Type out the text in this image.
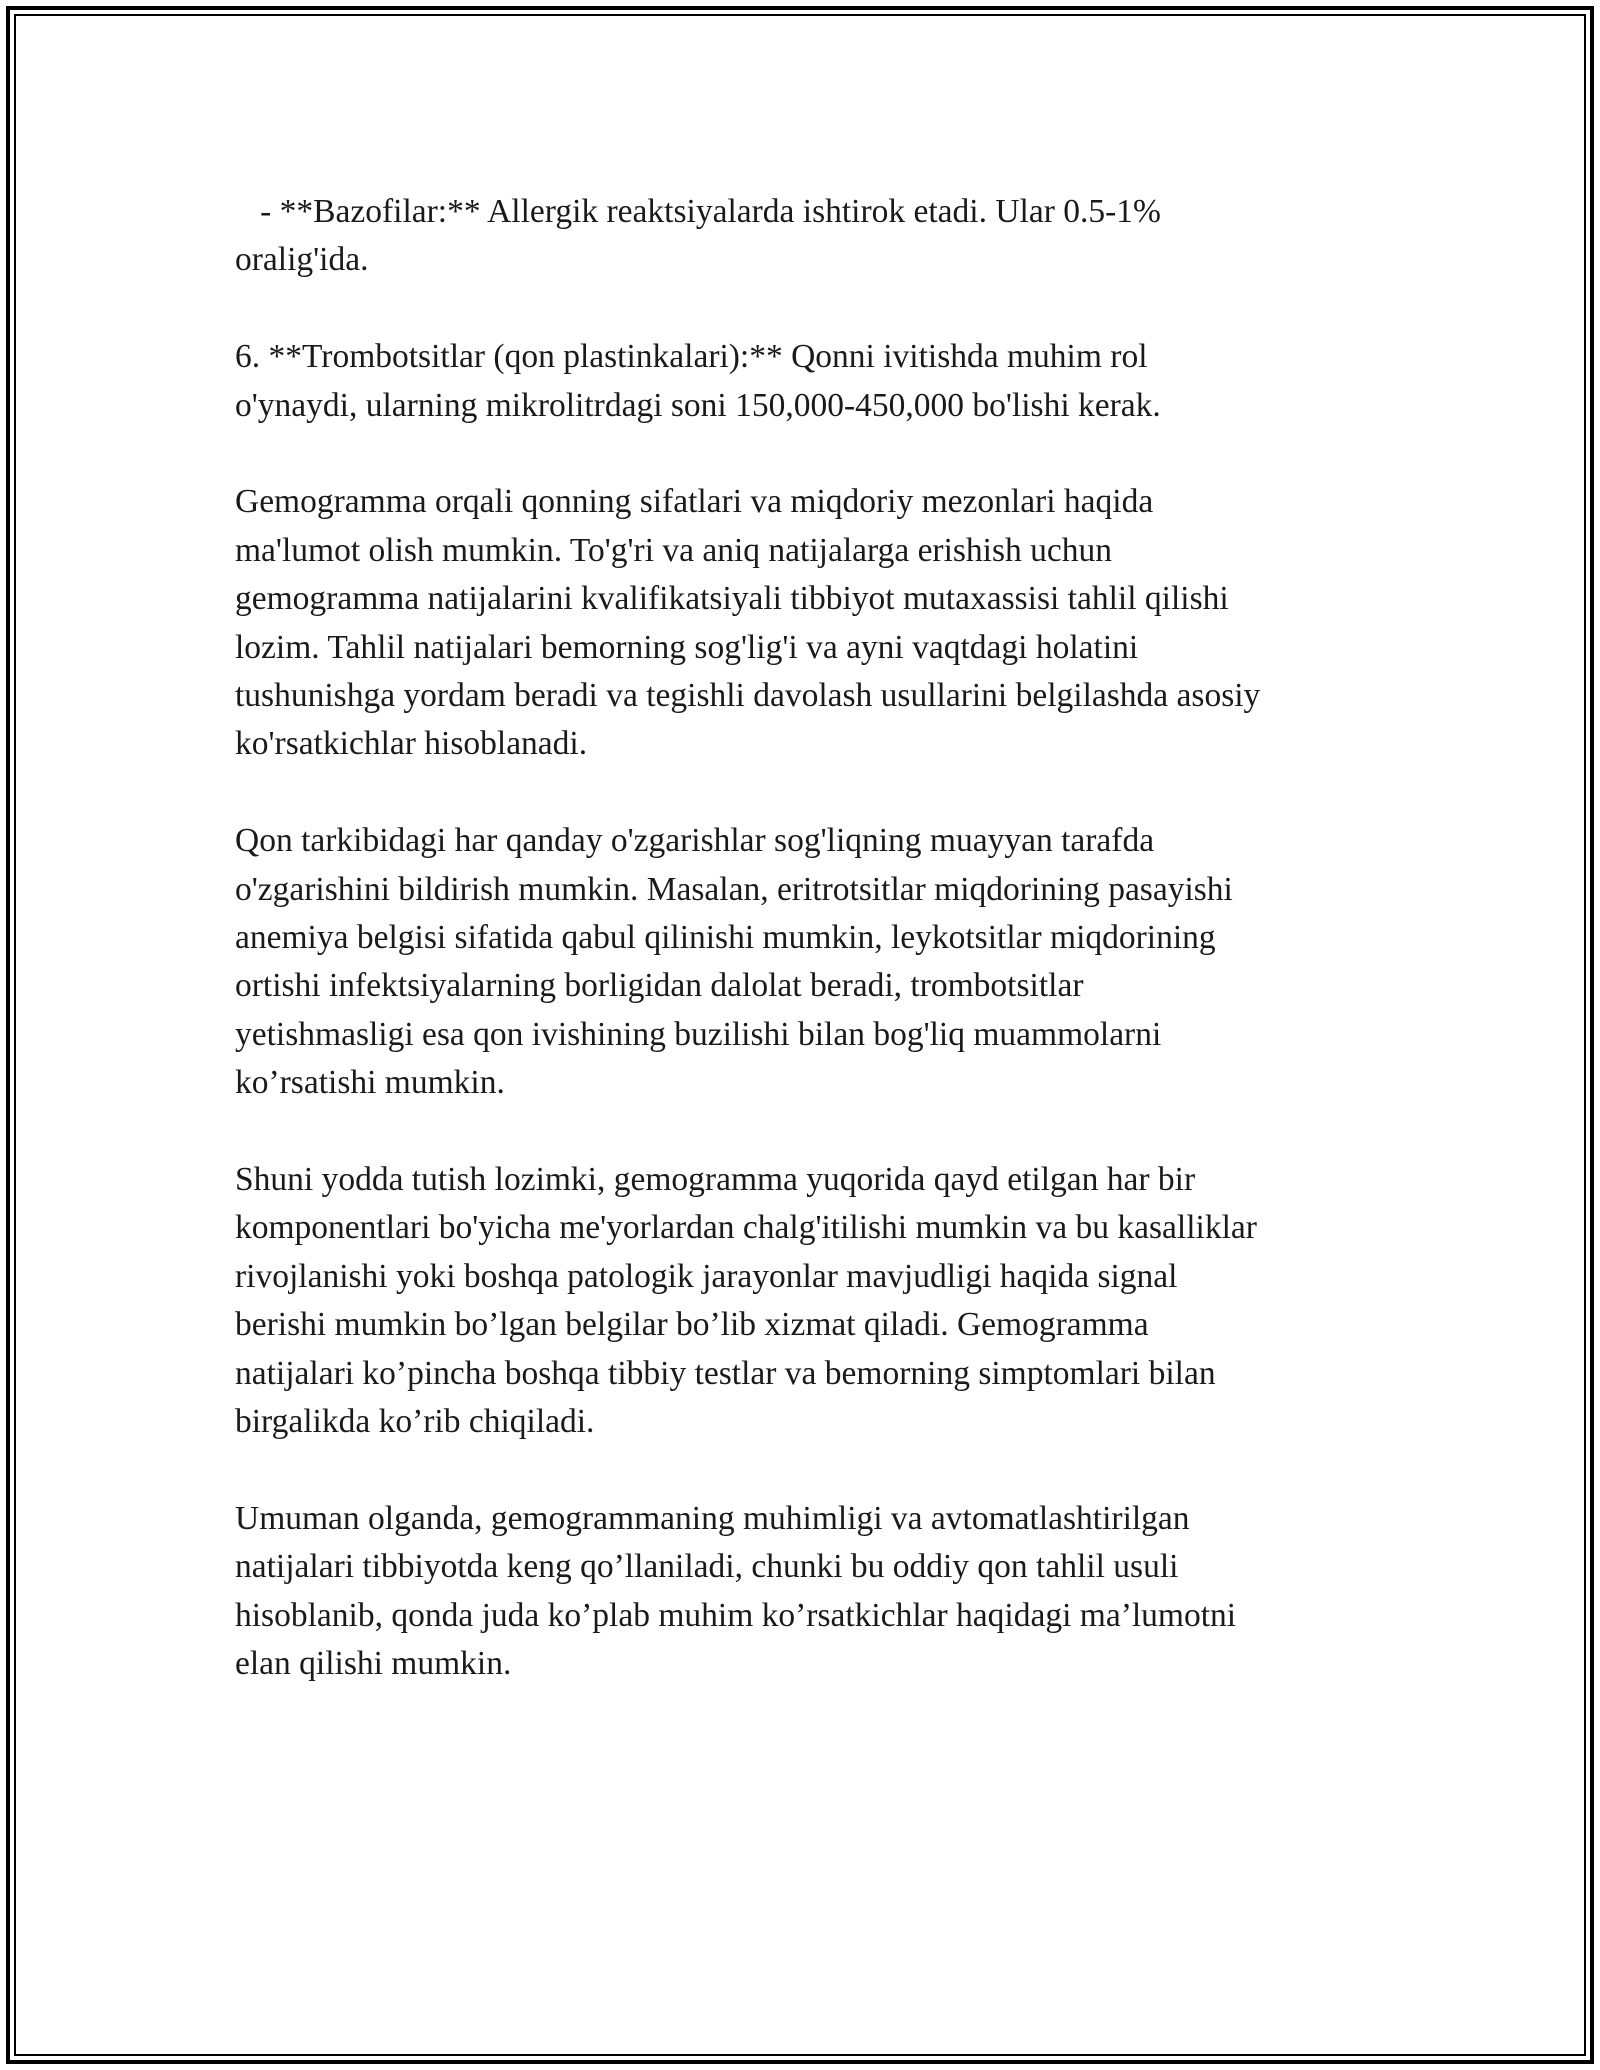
- **Bazofilar:** Allergik reaktsiyalarda ishtirok etadi. Ular 0.5-1%
oralig'ida.

6. **Trombotsitlar (qon plastinkalari):** Qonni ivitishda muhim rol
o'ynaydi, ularning mikrolitrdagi soni 150,000-450,000 bo'lishi kerak.

Gemogramma orqali qonning sifatlari va miqdoriy mezonlari haqida
ma'lumot olish mumkin. To'g'ri va aniq natijalarga erishish uchun
gemogramma natijalarini kvalifikatsiyali tibbiyot mutaxassisi tahlil qilishi
lozim. Tahlil natijalari bemorning sog'lig'i va ayni vaqtdagi holatini
tushunishga yordam beradi va tegishli davolash usullarini belgilashda asosiy
ko'rsatkichlar hisoblanadi.

Qon tarkibidagi har qanday o'zgarishlar sog'liqning muayyan tarafda
o'zgarishini bildirish mumkin. Masalan, eritrotsitlar miqdorining pasayishi
anemiya belgisi sifatida qabul qilinishi mumkin, leykotsitlar miqdorining
ortishi infektsiyalarning borligidan dalolat beradi, trombotsitlar
yetishmasligi esa qon ivishining buzilishi bilan bog'liq muammolarni
ko’rsatishi mumkin.

Shuni yodda tutish lozimki, gemogramma yuqorida qayd etilgan har bir
komponentlari bo'yicha me'yorlardan chalg'itilishi mumkin va bu kasalliklar
rivojlanishi yoki boshqa patologik jarayonlar mavjudligi haqida signal
berishi mumkin bo’lgan belgilar bo’lib xizmat qiladi. Gemogramma
natijalari ko’pincha boshqa tibbiy testlar va bemorning simptomlari bilan
birgalikda ko’rib chiqiladi.

Umuman olganda, gemogrammaning muhimligi va avtomatlashtirilgan
natijalari tibbiyotda keng qo’llaniladi, chunki bu oddiy qon tahlil usuli
hisoblanib, qonda juda ko’plab muhim ko’rsatkichlar haqidagi ma’lumotni
elan qilishi mumkin.
